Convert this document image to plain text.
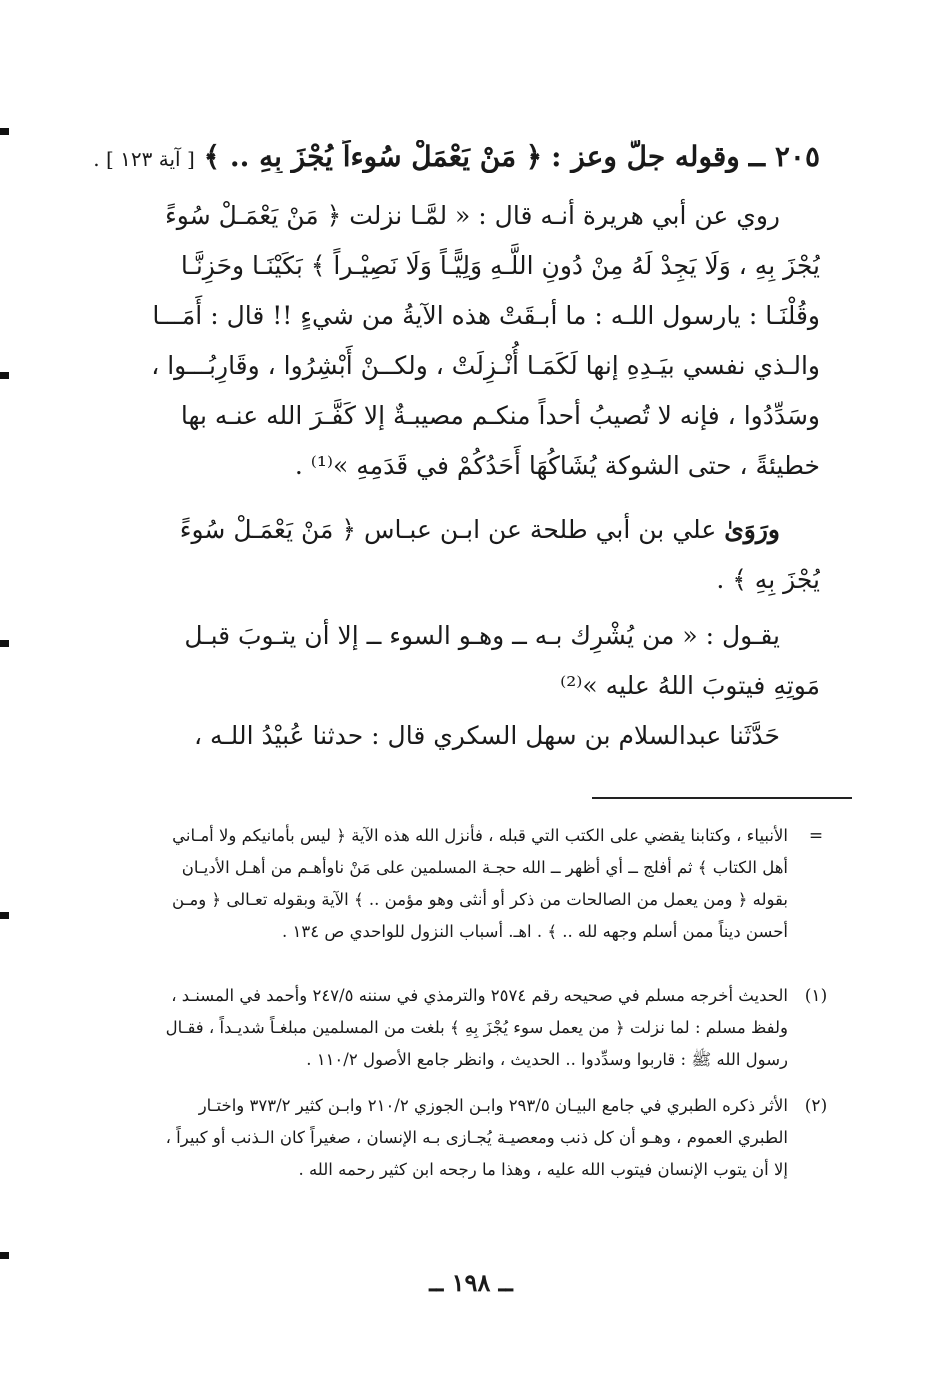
٢٠٥ ــ وقوله جلَّ وعز : ﴿ مَنْ يَعْمَلْ سُوءاً يُجْزَ بِهِ .. ﴾ [ آية ١٢٣ ] .
روي عن أبي هريرة أنـه قال : « لمَّـا نزلت ﴿ مَنْ يَعْمَـلْ سُوءً
يُجْزَ بِهِ ، وَلَا يَجِدْ لَهُ مِنْ دُونِ اللَّـهِ وَلِيًّـاً وَلَا نَصِيْـراً ﴾ بَكَيْنَـا وحَزِنَّـا
وقُلْنَـا : يارسول اللـه : ما أبـقَتْ هذه الآيةُ من شيءٍ !! قال : أَمَـــا
والـذي نفسي بيَـدِهِ إنها لَكَمَـا أُنْـزِلَتْ ، ولكــنْ أَبْشِرُوا ، وقَارِبُـــوا ،
وسَدِّدُوا ، فإنه لا تُصيبُ أحداً منكـم مصيبـةٌ إلا كَفَّـرَ الله عنـه بها
خطيئةً ، حتى الشوكة يُشَاكُهَا أَحَدُكُمْ في قَدَمِهِ »⁽¹⁾ .
ورَوَىٰ علي بن أبي طلحة عن ابـن عبـاس ﴿ مَنْ يَعْمَـلْ سُوءً
يُجْزَ بِهِ ﴾ .
يقـول : « من يُشْرِك بـه ــ وهـو السوء ــ إلا أن يتـوبَ قبـل
مَوتِهِ فيتوبَ اللهُ عليه »⁽²⁾
حَدَّثَنا عبدالسلام بن سهل السكري قال : حدثنا عُبيْدُ اللـه ،
=
الأنبياء ، وكتابنا يقضي على الكتب التي قبله ، فأنزل الله هذه الآية ﴿ ليس بأمانيكم ولا أمـاني
أهل الكتاب ﴾ ثم أفلج ــ أي أظهر ــ الله حجـة المسلمين على مَنْ ناوأهـم من أهـل الأديـان
بقوله ﴿ ومن يعمل من الصالحات من ذكر أو أنثى وهو مؤمن .. ﴾ الآية وبقوله تعـالى ﴿ ومـن
أحسن ديناً ممن أسلم وجهه لله .. ﴾ . اهـ. أسباب النزول للواحدي ص ١٣٤ .
(١)
الحديث أخرجه مسلم في صحيحه رقم ٢٥٧٤ والترمذي في سننه ٢٤٧/٥ وأحمد في المسنـد ،
ولفظ مسلم : لما نزلت ﴿ من يعمل سوء يُجْزَ بِهِ ﴾ بلغت من المسلمين مبلغـاً شديـداً ، فقـال
رسول الله ﷺ : قاربوا وسدِّدوا .. الحديث ، وانظر جامع الأصول ١١٠/٢ .
(٢)
الأثر ذكره الطبري في جامع البيـان ٢٩٣/٥ وابـن الجوزي ٢١٠/٢ وابـن كثير ٣٧٣/٢ واختـار
الطبري العموم ، وهـو أن كل ذنب ومعصيـة يُجـازى بـه الإنسان ، صغيراً كان الـذنب أو كبيراً ،
إلا أن يتوب الإنسان فيتوب الله عليه ، وهذا ما رجحه ابن كثير رحمه الله .
ــ ١٩٨ ــ
